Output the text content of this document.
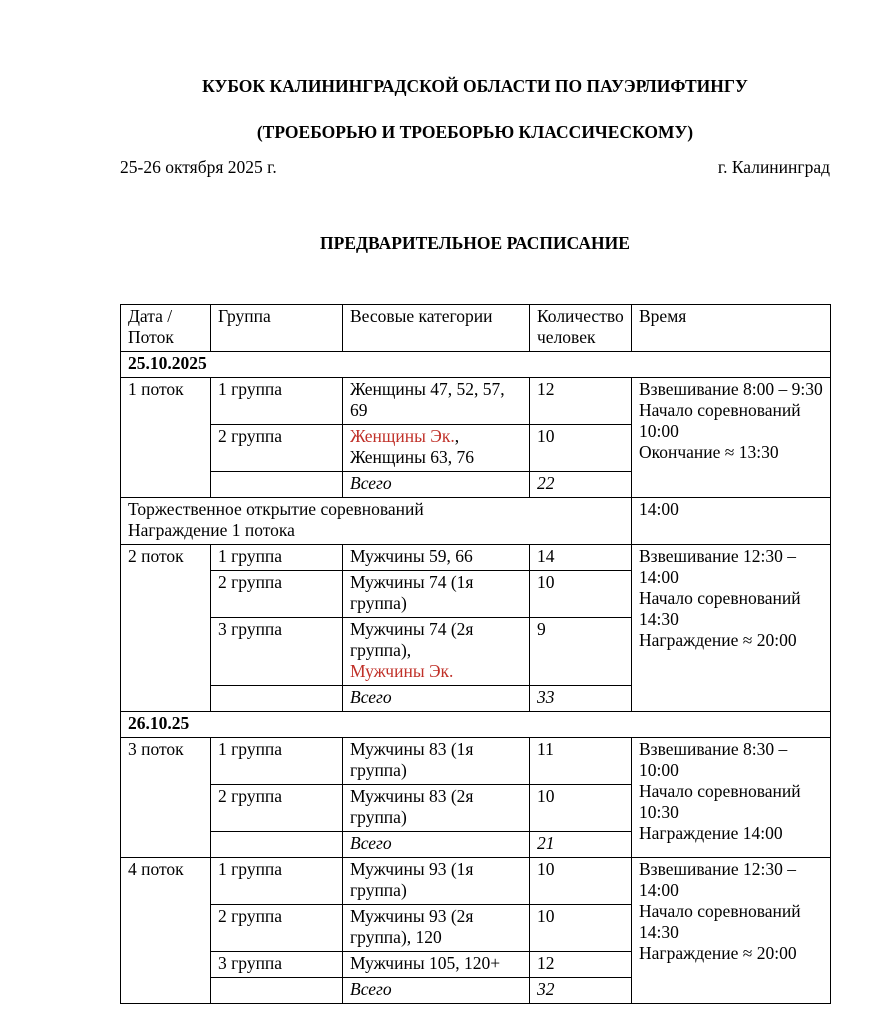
КУБОК КАЛИНИНГРАДСКОЙ ОБЛАСТИ ПО ПАУЭРЛИФТИНГУ
(ТРОЕБОРЬЮ И ТРОЕБОРЬЮ КЛАССИЧЕСКОМУ)
25-26 октября 2025 г.	г. Калининград
ПРЕДВАРИТЕЛЬНОЕ РАСПИСАНИЕ
Дата / Поток	Группа	Весовые категории	Количество человек	Время
25.10.2025				
1 поток	1 группа	Женщины 47, 52, 57, 69	12	Взвешивание 8:00 – 9:30
Начало соревнований 10:00
Окончание ≈ 13:30

	2 группа	Женщины Эк.,
Женщины 63, 76	10	
		Всего	22	

Торжественное открытие соревнований
Награждение 1 потока				14:00
2 поток	1 группа	Мужчины 59, 66	14	Взвешивание 12:30 – 14:00
Начало соревнований 14:30
Награждение ≈ 20:00

	2 группа	Мужчины 74 (1я группа)	10	
	3 группа	Мужчины 74 (2я группа),
Мужчины Эк.	9	
		Всего	33	
26.10.25				
3 поток	1 группа	Мужчины 83 (1я группа)	11	Взвешивание 8:30 – 10:00
Начало соревнований 10:30
Награждение 14:00

	2 группа	Мужчины 83 (2я группа)	10	
		Всего	21	
4 поток	1 группа	Мужчины 93 (1я группа)	10	Взвешивание 12:30 – 14:00
Начало соревнований 14:30
Награждение ≈ 20:00

	2 группа	Мужчины 93 (2я группа), 120	10	
	3 группа	Мужчины 105, 120+	12	
		Всего	32	
